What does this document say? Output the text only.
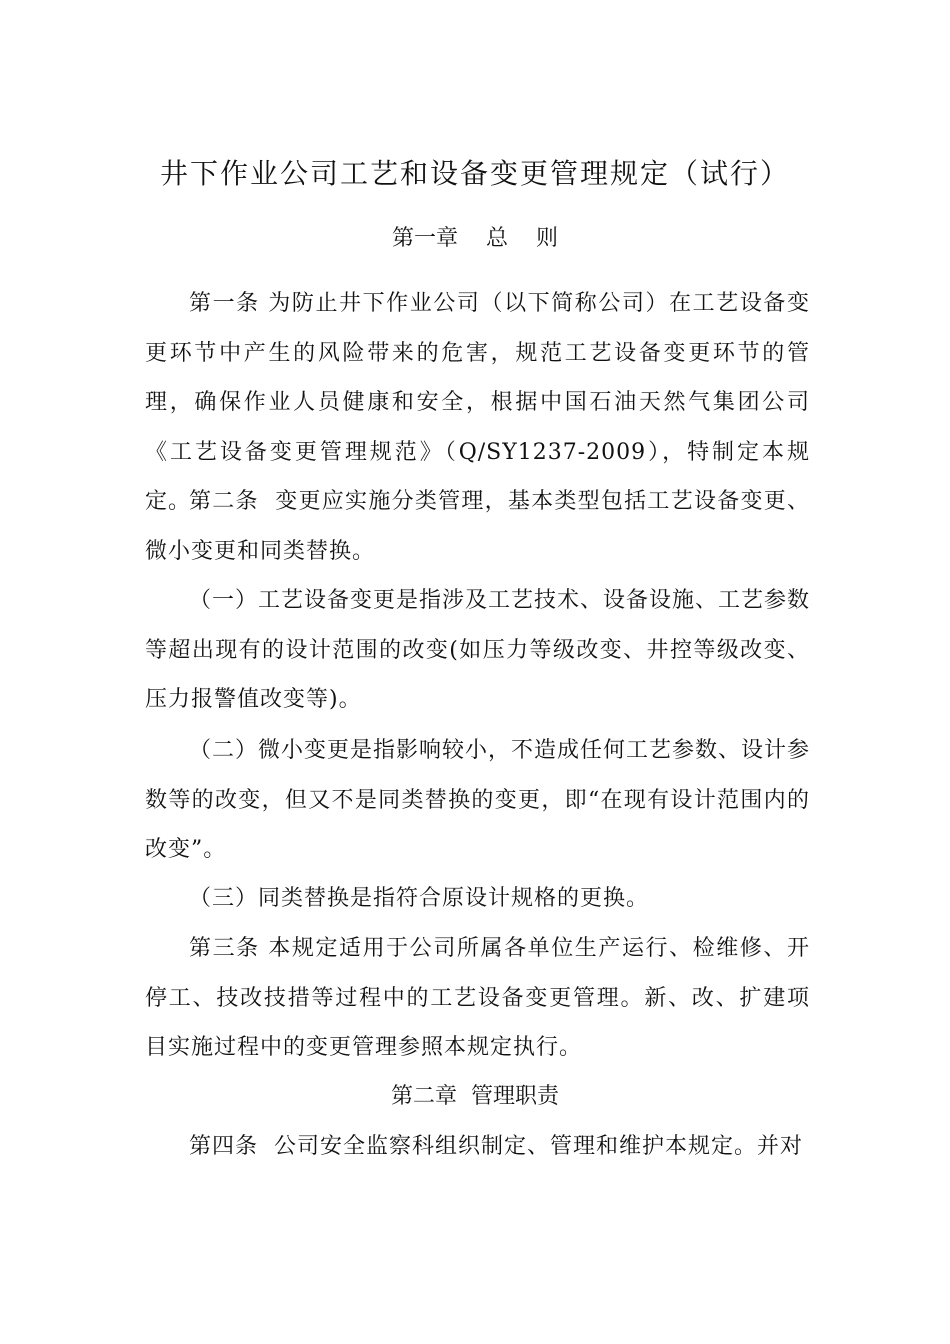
井下作业公司工艺和设备变更管理规定（试行）
第一章    总    则

第一条 为防止井下作业公司（以下简称公司）在工艺设备变更环节中产生的风险带来的危害，规范工艺设备变更环节的管理，确保作业人员健康和安全，根据中国石油天然气集团公司《工艺设备变更管理规范》（Q/SY1237-2009），特制定本规定。

第二条  变更应实施分类管理，基本类型包括工艺设备变更、微小变更和同类替换。

（一）工艺设备变更是指涉及工艺技术、设备设施、工艺参数等超出现有的设计范围的改变(如压力等级改变、井控等级改变、压力报警值改变等)。

（二）微小变更是指影响较小，不造成任何工艺参数、设计参数等的改变，但又不是同类替换的变更，即“在现有设计范围内的改变”。

（三）同类替换是指符合原设计规格的更换。

第三条 本规定适用于公司所属各单位生产运行、检维修、开停工、技改技措等过程中的工艺设备变更管理。新、改、扩建项目实施过程中的变更管理参照本规定执行。

第二章  管理职责

第四条  公司安全监察科组织制定、管理和维护本规定。并对
